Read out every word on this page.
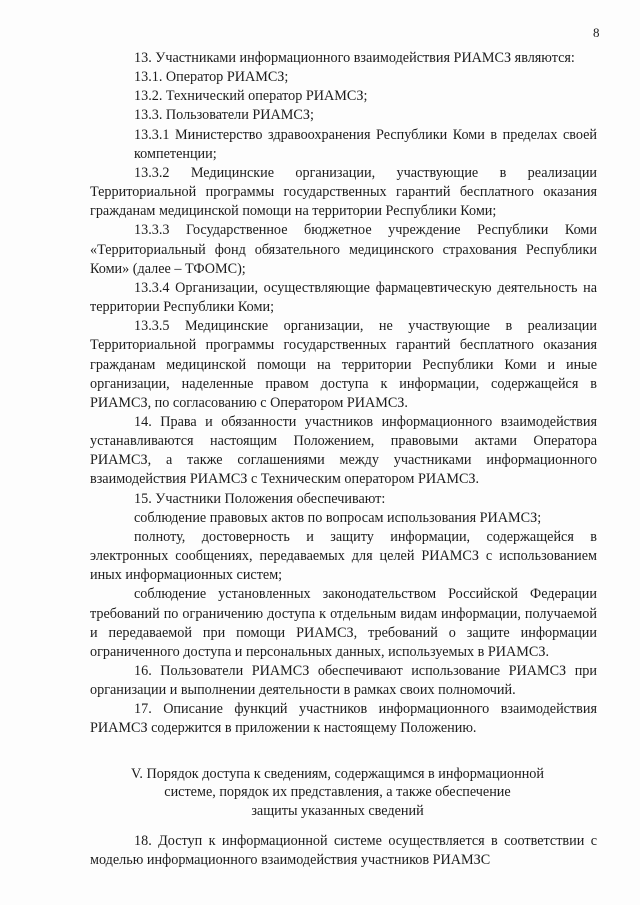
8

13. Участниками информационного взаимодействия РИАМСЗ являются:

13.1. Оператор РИАМСЗ;

13.2. Технический оператор РИАМСЗ;

13.3. Пользователи РИАМСЗ;

13.3.1 Министерство здравоохранения Республики Коми в пределах своей компетенции;

13.3.2 Медицинские организации, участвующие в реализации Территориальной программы государственных гарантий бесплатного оказания гражданам медицинской помощи на территории Республики Коми;

13.3.3 Государственное бюджетное учреждение Республики Коми «Территориальный фонд обязательного медицинского страхования Республики Коми» (далее – ТФОМС);

13.3.4 Организации, осуществляющие фармацевтическую деятельность на территории Республики Коми;

13.3.5 Медицинские организации, не участвующие в реализации Территориальной программы государственных гарантий бесплатного оказания гражданам медицинской помощи на территории Республики Коми и иные организации, наделенные правом доступа к информации, содержащейся в РИАМСЗ, по согласованию с Оператором РИАМСЗ.

14. Права и обязанности участников информационного взаимодействия устанавливаются настоящим Положением, правовыми актами Оператора РИАМСЗ, а также соглашениями между участниками информационного взаимодействия РИАМСЗ с Техническим оператором РИАМСЗ.

15. Участники Положения обеспечивают:

соблюдение правовых актов по вопросам использования РИАМСЗ;

полноту, достоверность и защиту информации, содержащейся в электронных сообщениях, передаваемых для целей РИАМСЗ с использованием иных информационных систем;

соблюдение установленных законодательством Российской Федерации требований по ограничению доступа к отдельным видам информации, получаемой и передаваемой при помощи РИАМСЗ, требований о защите информации ограниченного доступа и персональных данных, используемых в РИАМСЗ.

16. Пользователи РИАМСЗ обеспечивают использование РИАМСЗ при организации и выполнении деятельности в рамках своих полномочий.

17. Описание функций участников информационного взаимодействия РИАМСЗ содержится в приложении к настоящему Положению.

V. Порядок доступа к сведениям, содержащимся в информационной
системе, порядок их представления, а также обеспечение
защиты указанных сведений

18. Доступ к информационной системе осуществляется в соответствии с моделью информационного взаимодействия участников РИАМЗС
